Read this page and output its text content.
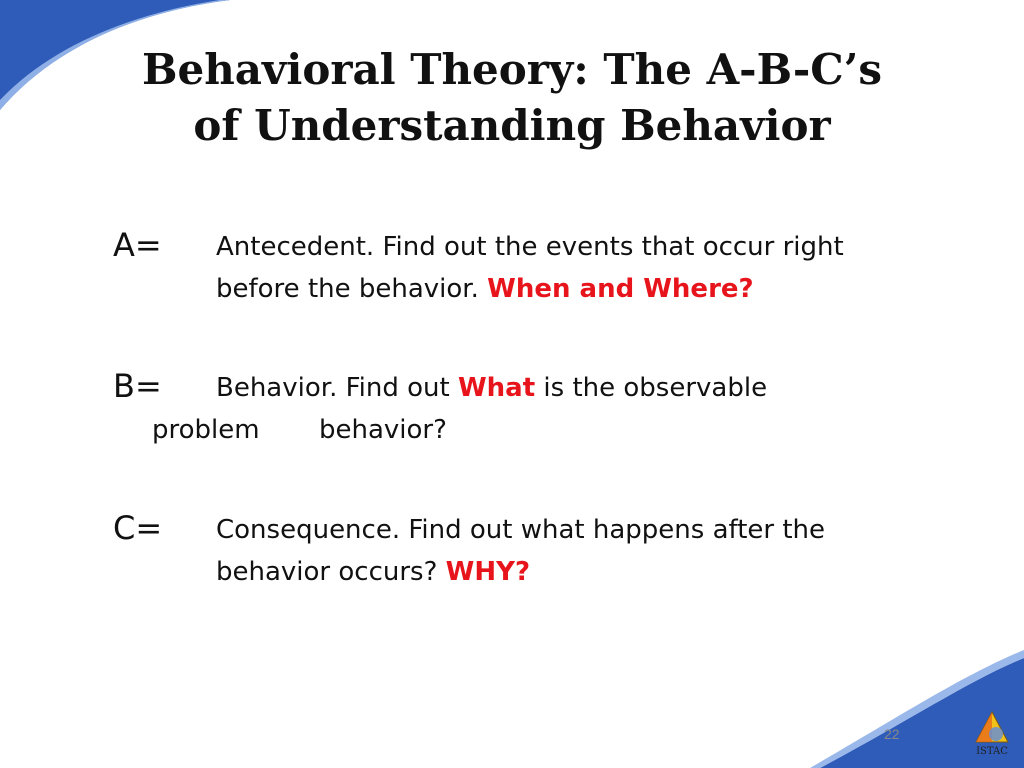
Behavioral Theory: The A-B-C’s
of Understanding Behavior
A= Antecedent. Find out the events that occur right
before the behavior. When and Where?
B= Behavior. Find out What is the observable
problem behavior?
C= Consequence. Find out what happens after the
behavior occurs? WHY?
22
ISTAC
